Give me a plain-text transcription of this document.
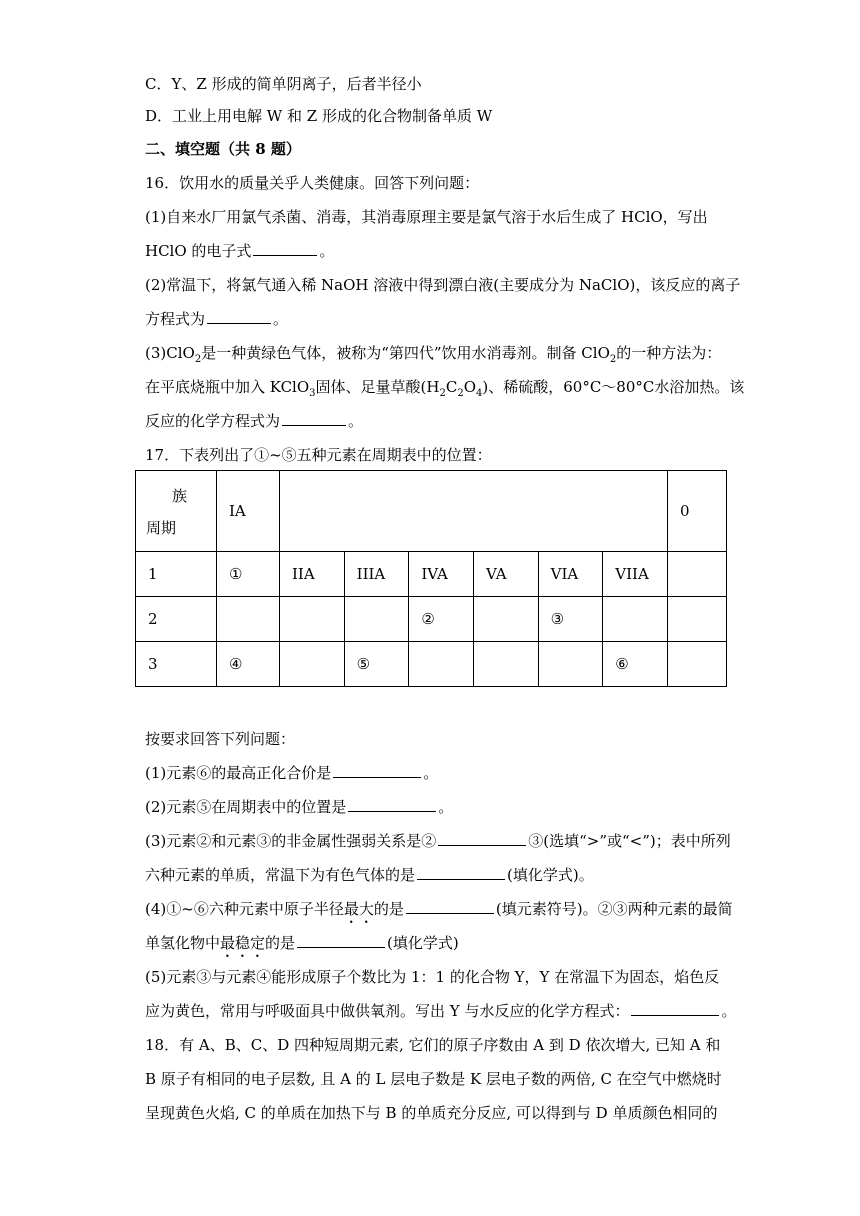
C．Y、Z 形成的简单阴离子，后者半径小
D．工业上用电解 W 和 Z 形成的化合物制备单质 W
二、填空题（共 8 题）
16．饮用水的质量关乎人类健康。回答下列问题：
(1)自来水厂用氯气杀菌、消毒，其消毒原理主要是氯气溶于水后生成了 HClO，写出
HClO 的电子式	。
(2)常温下，将氯气通入稀 NaOH 溶液中得到漂白液(主要成分为 NaClO)，该反应的离子
方程式为	。
(3)ClO$_2$是一种黄绿色气体，被称为“第四代”饮用水消毒剂。制备 ClO$_2$的一种方法为：
在平底烧瓶中加入 KClO$_3$固体、足量草酸$(H_2C_2O_4)$、稀硫酸，60°C～80°C水浴加热。该
反应的化学方程式为	。
17．下表列出了①~⑤五种元素在周期表中的位置：
族
周期	IA							0
1	①	IIA	IIIA	IVA	VA	VIA	VIIA	
2				②		③		
3	④		⑤				⑥	
按要求回答下列问题：
(1)元素⑥的最高正化合价是	。
(2)元素⑤在周期表中的位置是	。
(3)元素②和元素③的非金属性强弱关系是②	③(选填“>”或“<”)；表中所列
六种元素的单质，常温下为有色气体的是	(填化学式)。
(4)①~⑥六种元素中原子半径最大的是	(填元素符号)。②③两种元素的最简
单氢化物中最稳定的是	(填化学式)
(5)元素③与元素④能形成原子个数比为 1：1 的化合物 Y，Y 在常温下为固态，焰色反
应为黄色，常用与呼吸面具中做供氧剂。写出 Y 与水反应的化学方程式：	。
18．有 A、B、C、D 四种短周期元素, 它们的原子序数由 A 到 D 依次增大, 已知 A 和
B 原子有相同的电子层数, 且 A 的 L 层电子数是 K 层电子数的两倍, C 在空气中燃烧时
呈现黄色火焰, C 的单质在加热下与 B 的单质充分反应, 可以得到与 D 单质颜色相同的
